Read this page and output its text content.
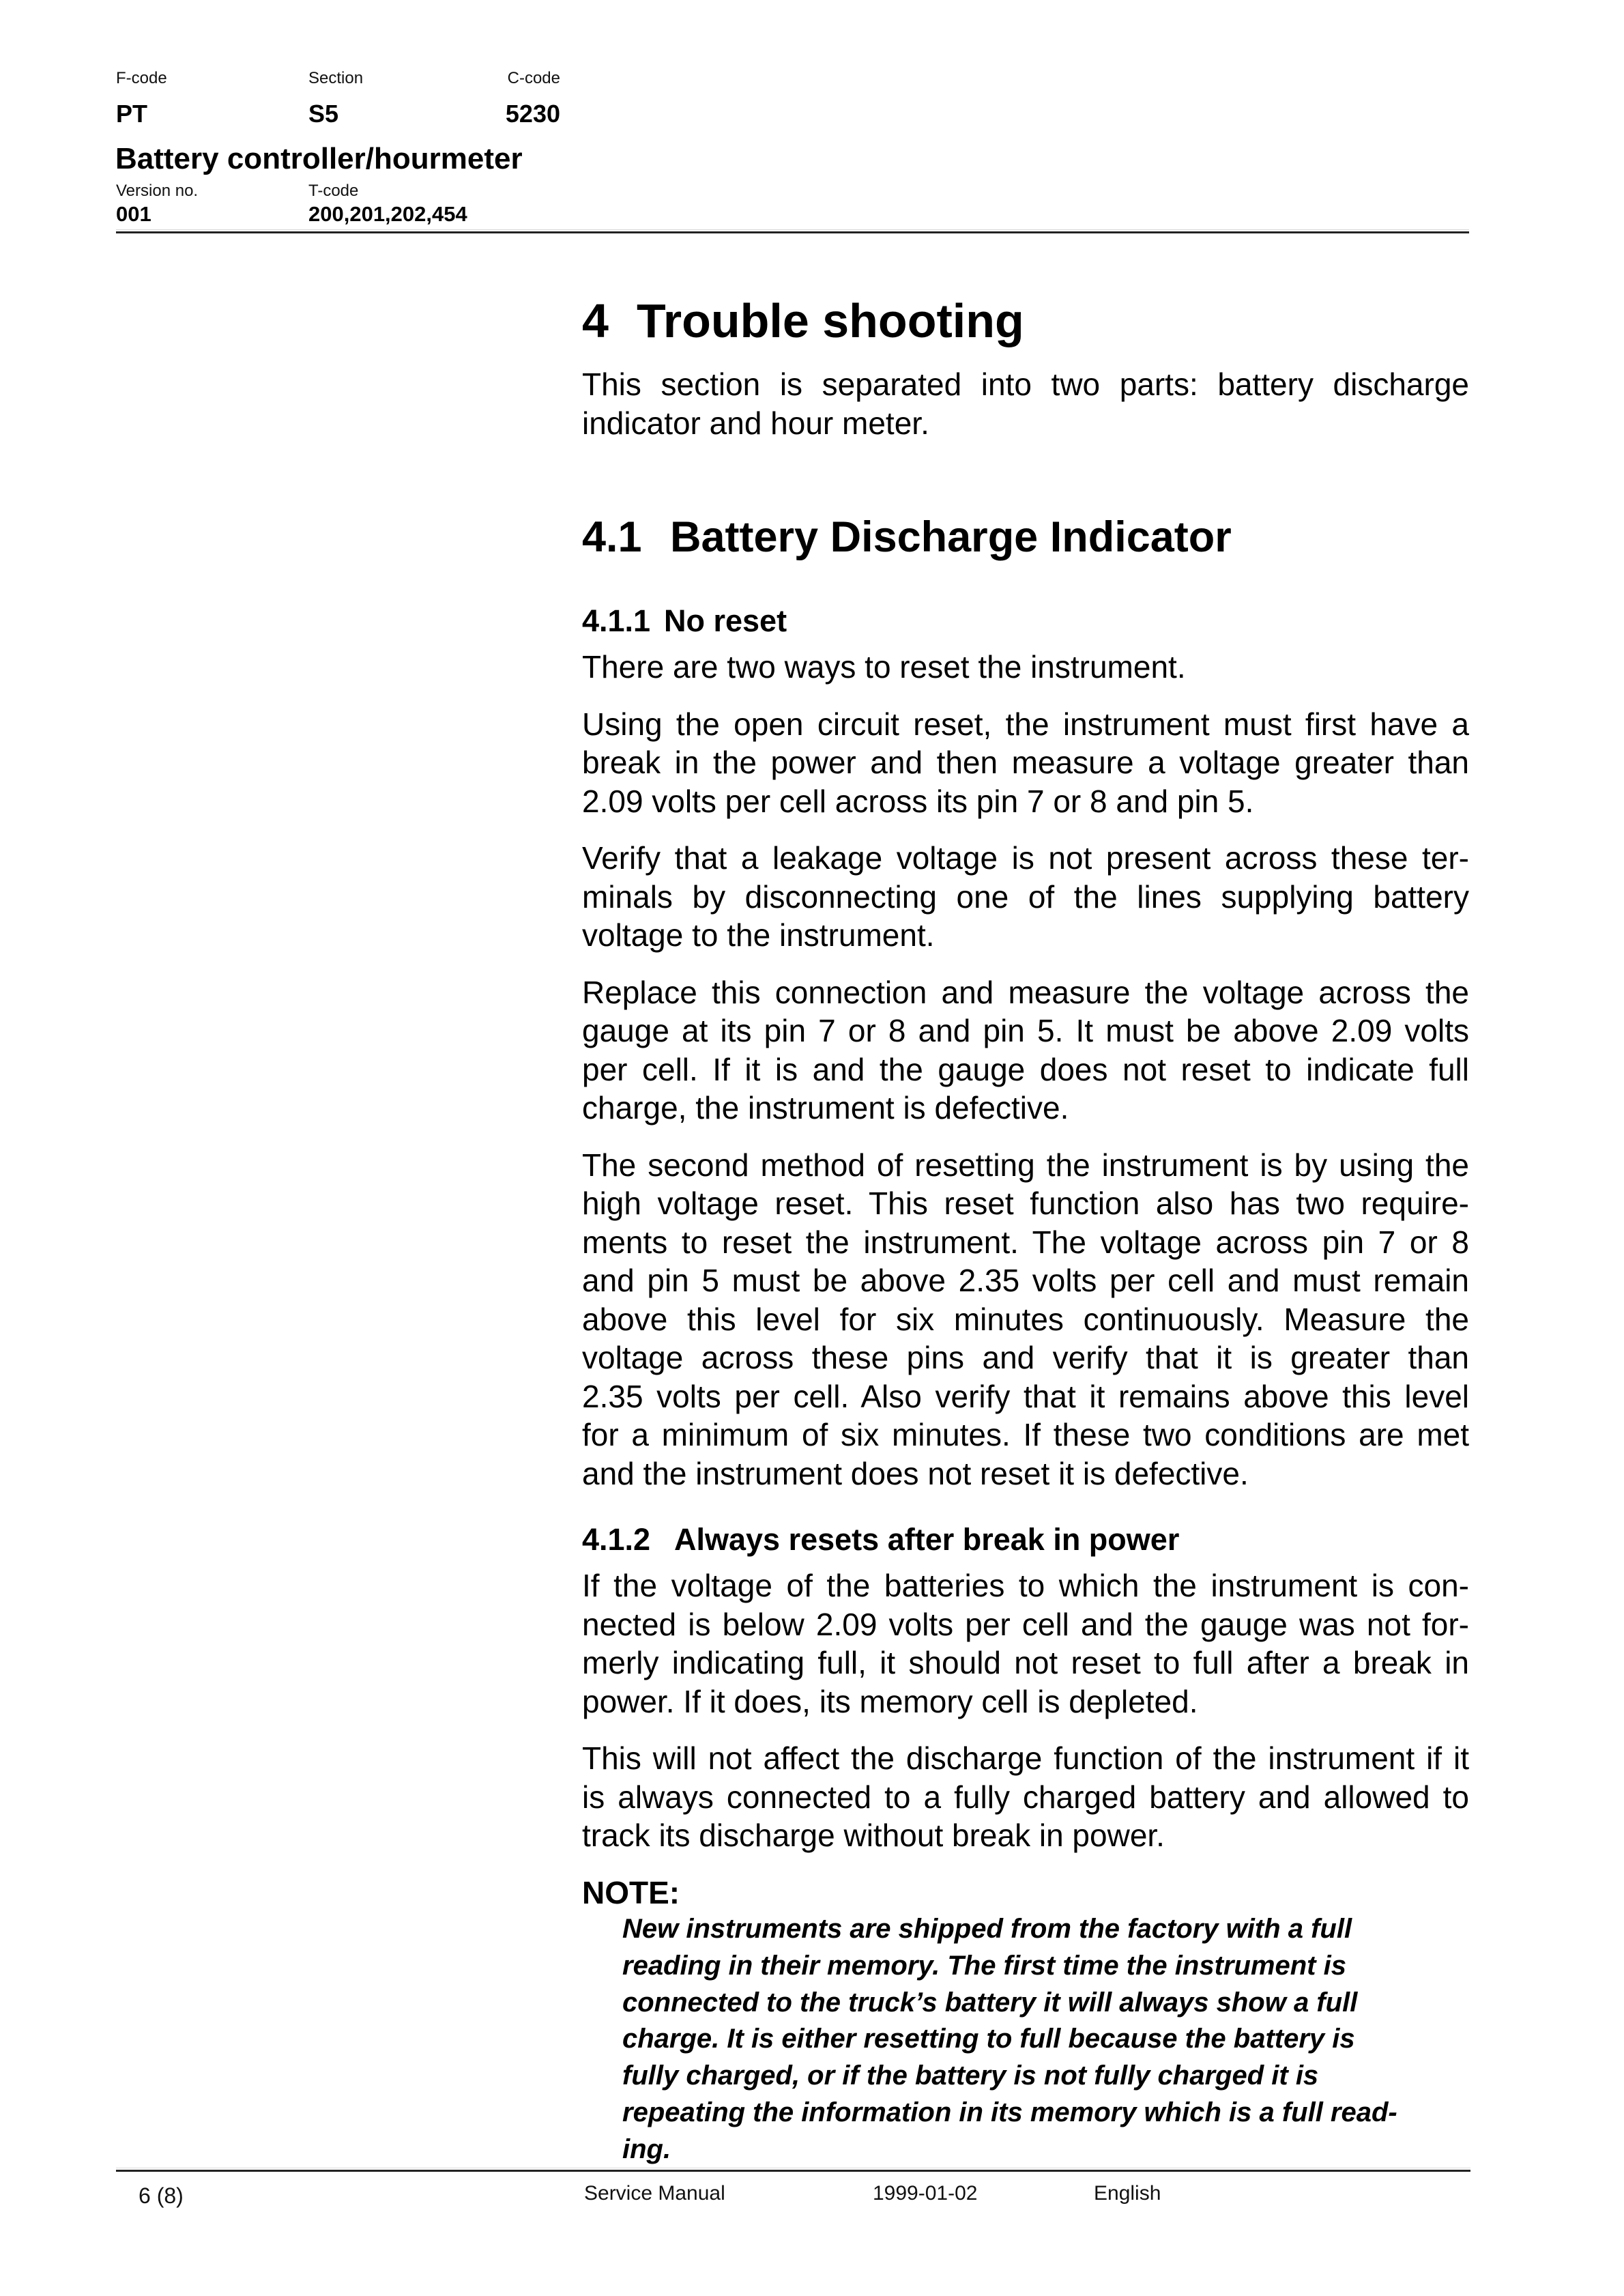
F-code	Section	C-code
PT	S5	5230
Battery controller/hourmeter
Version no.	T-code
001	200,201,202,454
4 Trouble shooting
This section is separated into two parts: battery discharge
indicator and hour meter.
4.1 Battery Discharge Indicator
4.1.1 No reset
There are two ways to reset the instrument.
Using the open circuit reset, the instrument must first have a
break in the power and then measure a voltage greater than
2.09 volts per cell across its pin 7 or 8 and pin 5.
Verify that a leakage voltage is not present across these ter-
minals by disconnecting one of the lines supplying battery
voltage to the instrument.
Replace this connection and measure the voltage across the
gauge at its pin 7 or 8 and pin 5. It must be above 2.09 volts
per cell. If it is and the gauge does not reset to indicate full
charge, the instrument is defective.
The second method of resetting the instrument is by using the
high voltage reset. This reset function also has two require-
ments to reset the instrument. The voltage across pin 7 or 8
and pin 5 must be above 2.35 volts per cell and must remain
above this level for six minutes continuously. Measure the
voltage across these pins and verify that it is greater than
2.35 volts per cell. Also verify that it remains above this level
for a minimum of six minutes. If these two conditions are met
and the instrument does not reset it is defective.
4.1.2 Always resets after break in power
If the voltage of the batteries to which the instrument is con-
nected is below 2.09 volts per cell and the gauge was not for-
merly indicating full, it should not reset to full after a break in
power. If it does, its memory cell is depleted.
This will not affect the discharge function of the instrument if it
is always connected to a fully charged battery and allowed to
track its discharge without break in power.
NOTE:
New instruments are shipped from the factory with a full
reading in their memory. The first time the instrument is
connected to the truck’s battery it will always show a full
charge. It is either resetting to full because the battery is
fully charged, or if the battery is not fully charged it is
repeating the information in its memory which is a full read-
ing.
6 (8)	Service Manual	1999-01-02	English
